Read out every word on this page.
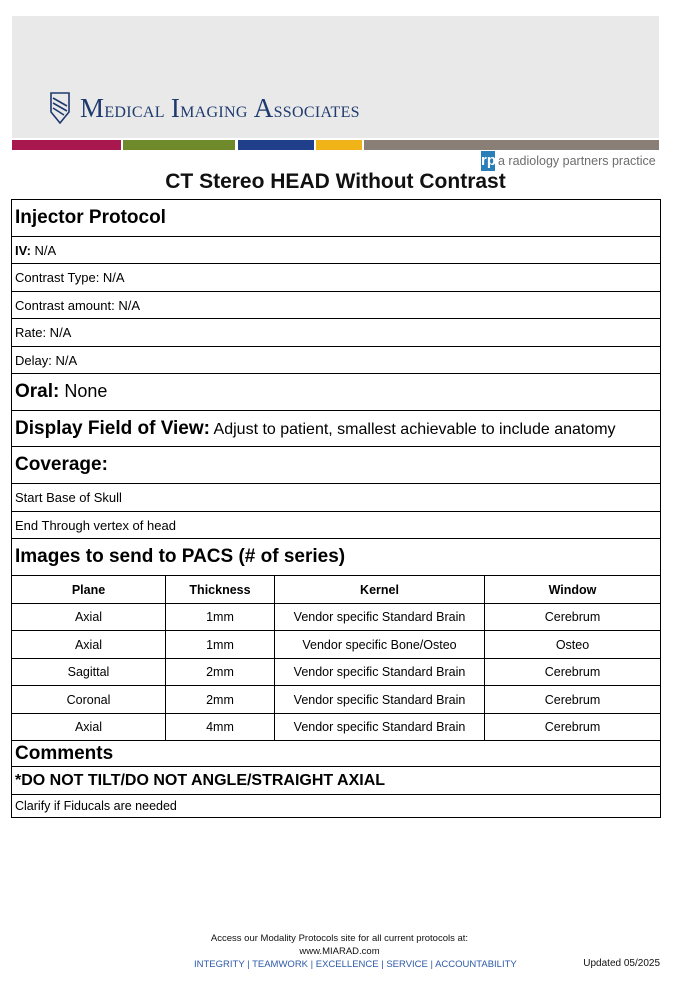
Medical Imaging Associates
rp a radiology partners practice
CT Stereo HEAD Without Contrast
Injector Protocol			
IV: N/A			
Contrast Type: N/A			
Contrast amount: N/A			
Rate: N/A			
Delay: N/A			
Oral: None			
Display Field of View: Adjust to patient, smallest achievable to include anatomy			
Coverage:			
Start Base of Skull			
End Through vertex of head			
Images to send to PACS (# of series)			
Plane	Thickness	Kernel	Window
Axial	1mm	Vendor specific Standard Brain	Cerebrum
Axial	1mm	Vendor specific Bone/Osteo	Osteo
Sagittal	2mm	Vendor specific Standard Brain	Cerebrum
Coronal	2mm	Vendor specific Standard Brain	Cerebrum
Axial	4mm	Vendor specific Standard Brain	Cerebrum
Comments			
*DO NOT TILT/DO NOT ANGLE/STRAIGHT AXIAL			
Clarify if Fiducals are needed			
Access our Modality Protocols site for all current protocols at:
www.MIARAD.com
INTEGRITY | TEAMWORK | EXCELLENCE | SERVICE | ACCOUNTABILITY	Updated 05/2025
